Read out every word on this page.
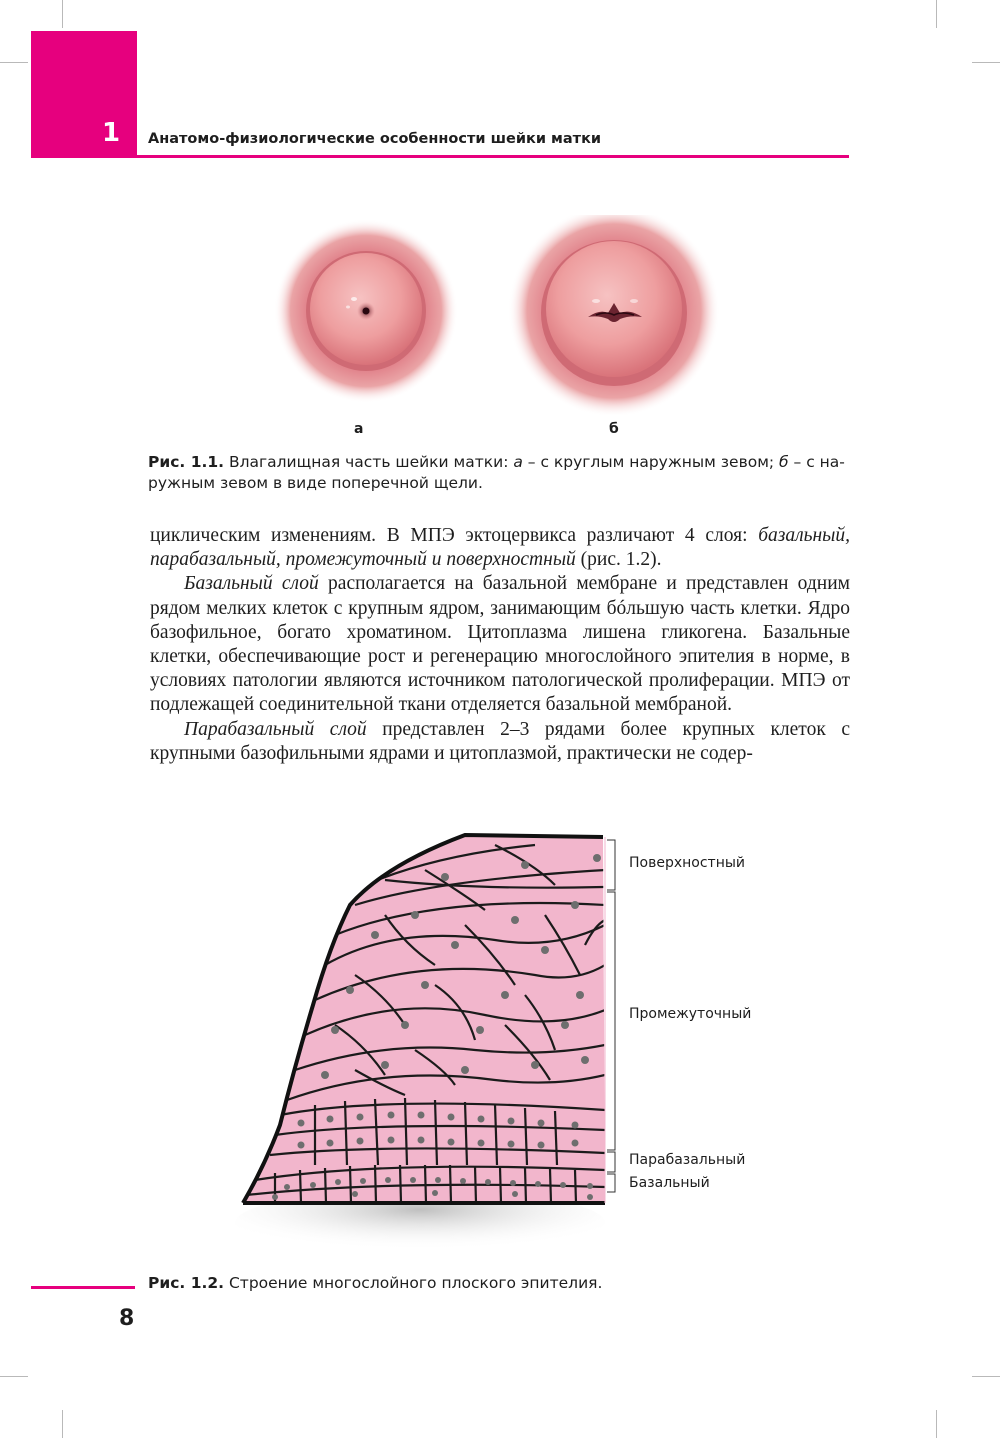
1 Анатомо-физиологические особенности шейки матки
а	б
Рис. 1.1. Влагалищная часть шейки матки: а – с круглым наружным зевом; б – с на-
ружным зевом в виде поперечной щели.

циклическим изменениям. В МПЭ эктоцервикса различают 4 слоя: базальный, парабазальный, промежуточный и поверхностный (рис. 1.2).

Базальный слой располагается на базальной мембране и представлен одним рядом мелких клеток с крупным ядром, занимающим бóльшую часть клетки. Ядро базофильное, богато хроматином. Цитоплазма лишена гликогена. Базальные клетки, обеспечивающие рост и регенерацию многослойного эпителия в норме, в условиях патологии являются источником патологической пролиферации. МПЭ от подлежащей соединительной ткани отделяется базальной мембраной.

Парабазальный слой представлен 2–3 рядами более крупных клеток с крупными базофильными ядрами и цитоплазмой, практически не содер-

Поверхностный
Промежуточный
Парабазальный
Базальный
Рис. 1.2. Строение многослойного плоского эпителия.
8
